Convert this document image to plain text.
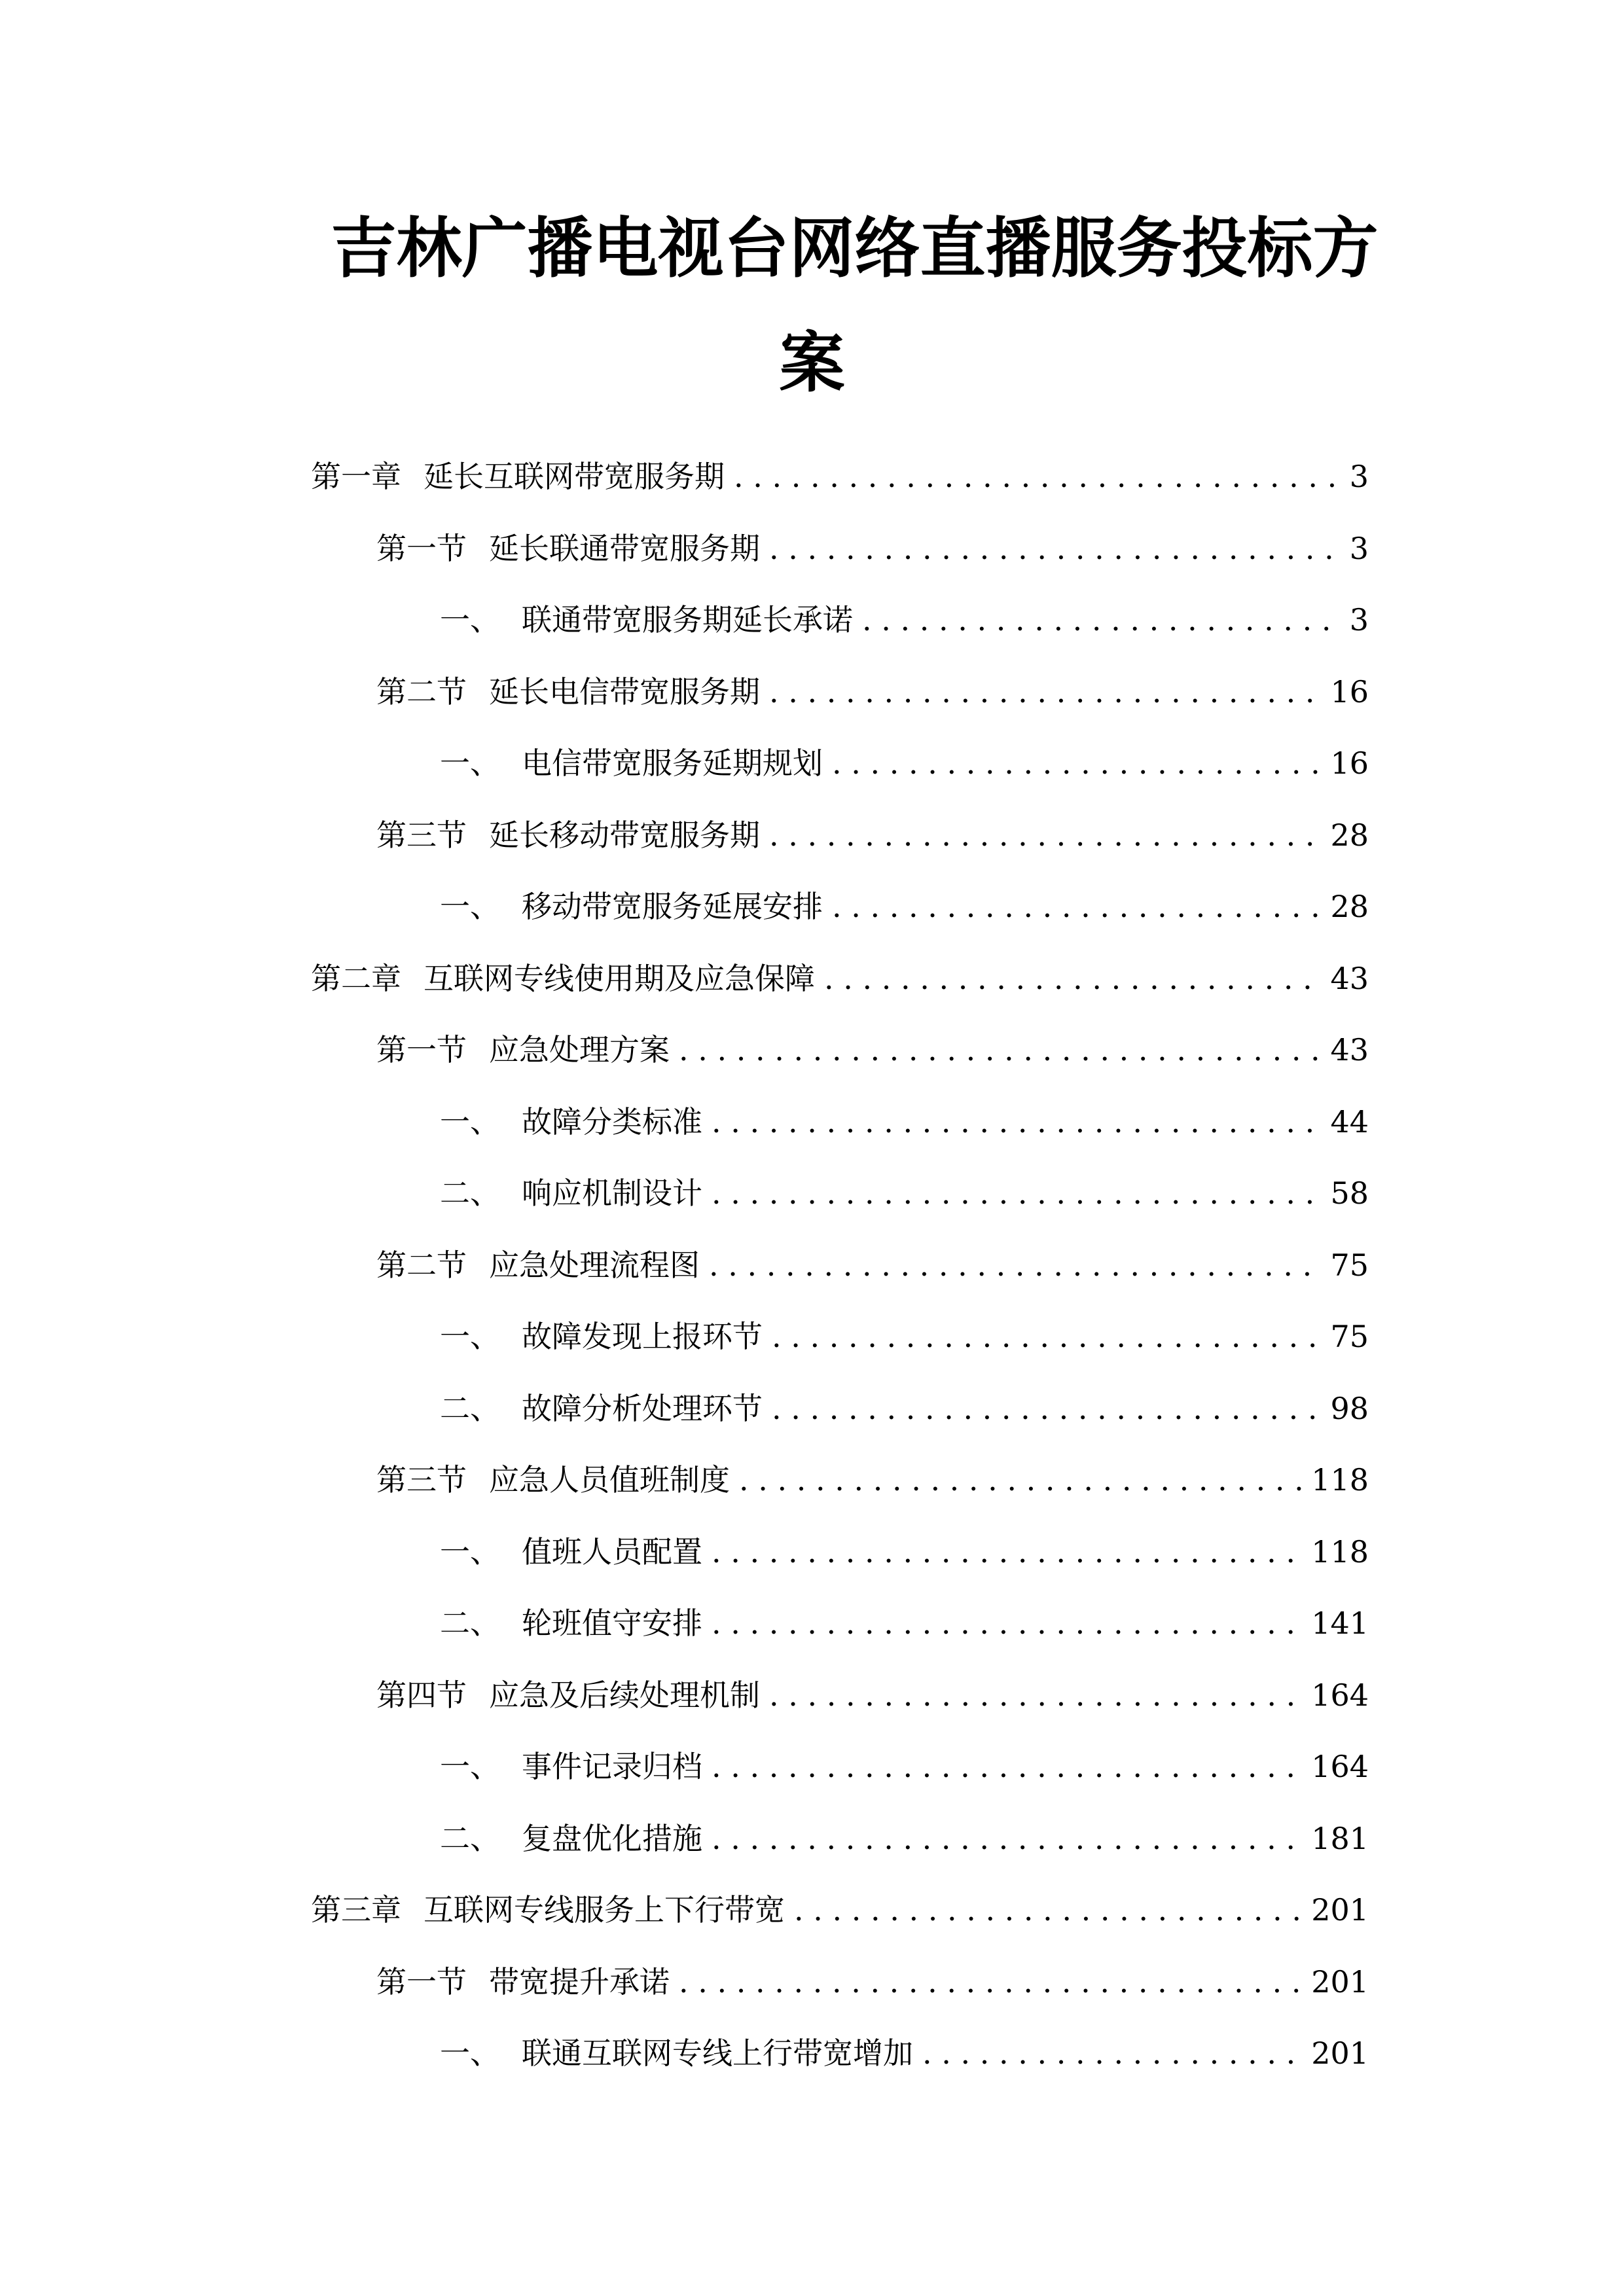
吉林广播电视台网络直播服务投标方
案
第一章 延长互联网带宽服务期 . . .	3
第一节 延长联通带宽服务期 . . .	3
一、 联通带宽服务期延长承诺 . . .	3
第二节 延长电信带宽服务期 . . .	16
一、 电信带宽服务延期规划 . . .	16
第三节 延长移动带宽服务期 . . .	28
一、 移动带宽服务延展安排 . . .	28
第二章 互联网专线使用期及应急保障 . . .	43
第一节 应急处理方案 . . .	43
一、 故障分类标准 . . .	44
二、 响应机制设计 . . .	58
第二节 应急处理流程图 . . .	75
一、 故障发现上报环节 . . .	75
二、 故障分析处理环节 . . .	98
第三节 应急人员值班制度 . . .	118
一、 值班人员配置 . . .	118
二、 轮班值守安排 . . .	141
第四节 应急及后续处理机制 . . .	164
一、 事件记录归档 . . .	164
二、 复盘优化措施 . . .	181
第三章 互联网专线服务上下行带宽 . . .	201
第一节 带宽提升承诺 . . .	201
一、 联通互联网专线上行带宽增加 . . .	201
